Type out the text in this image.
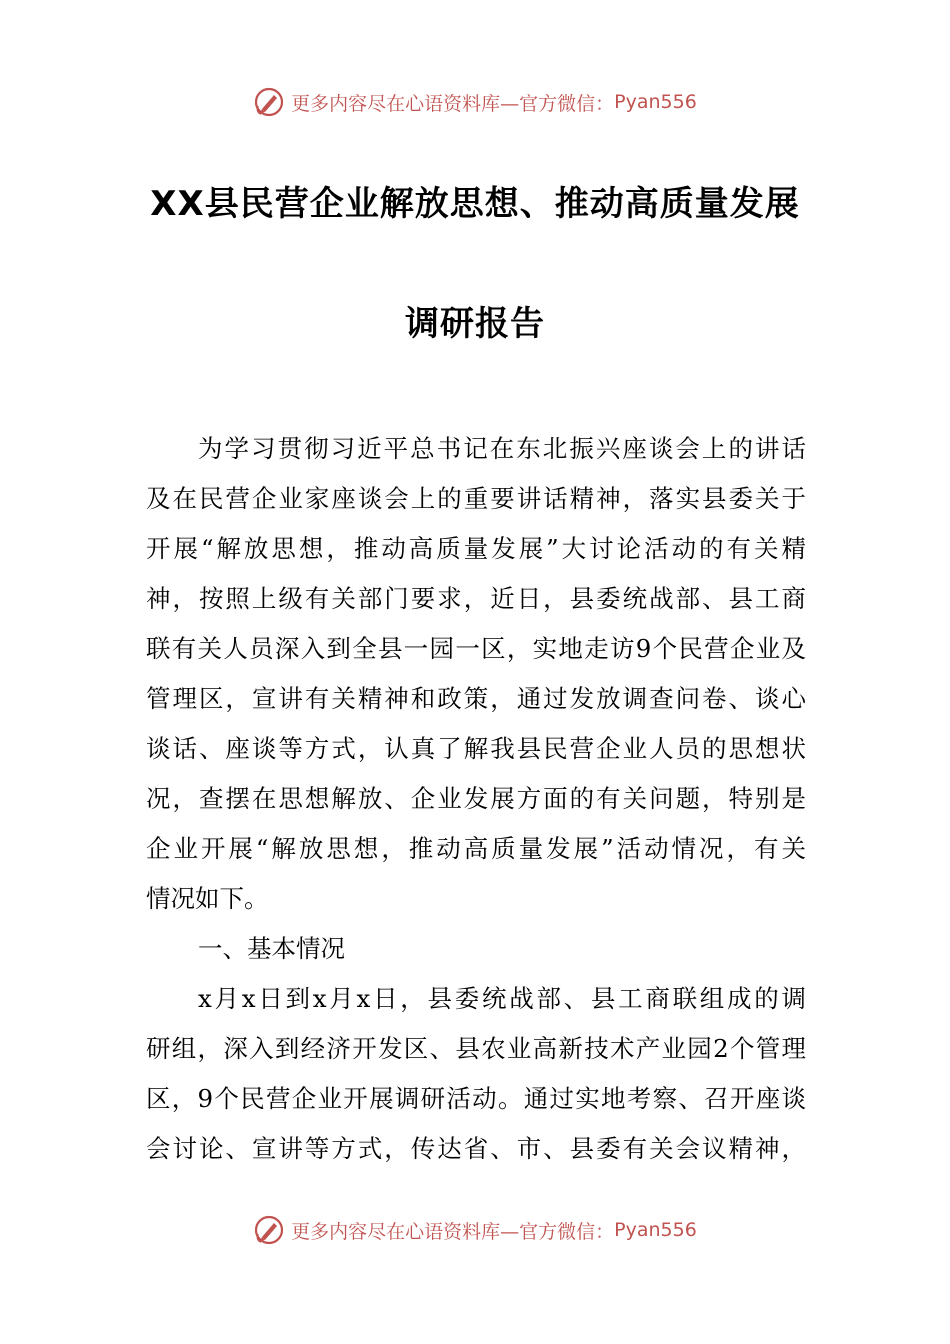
更多内容尽在心语资料库—官方微信： Pyan556
XX县民营企业解放思想、推动高质量发展
调研报告
为学习贯彻习近平总书记在东北振兴座谈会上的讲话
及在民营企业家座谈会上的重要讲话精神，落实县委关于
开展“解放思想，推动高质量发展”大讨论活动的有关精
神，按照上级有关部门要求，近日，县委统战部、县工商
联有关人员深入到全县一园一区，实地走访9个民营企业及
管理区，宣讲有关精神和政策，通过发放调查问卷、谈心
谈话、座谈等方式，认真了解我县民营企业人员的思想状
况，查摆在思想解放、企业发展方面的有关问题，特别是
企业开展“解放思想，推动高质量发展”活动情况，有关
情况如下。
一、基本情况
x月x日到x月x日，县委统战部、县工商联组成的调
研组，深入到经济开发区、县农业高新技术产业园2个管理
区，9个民营企业开展调研活动。通过实地考察、召开座谈
会讨论、宣讲等方式，传达省、市、县委有关会议精神，
更多内容尽在心语资料库—官方微信： Pyan556
